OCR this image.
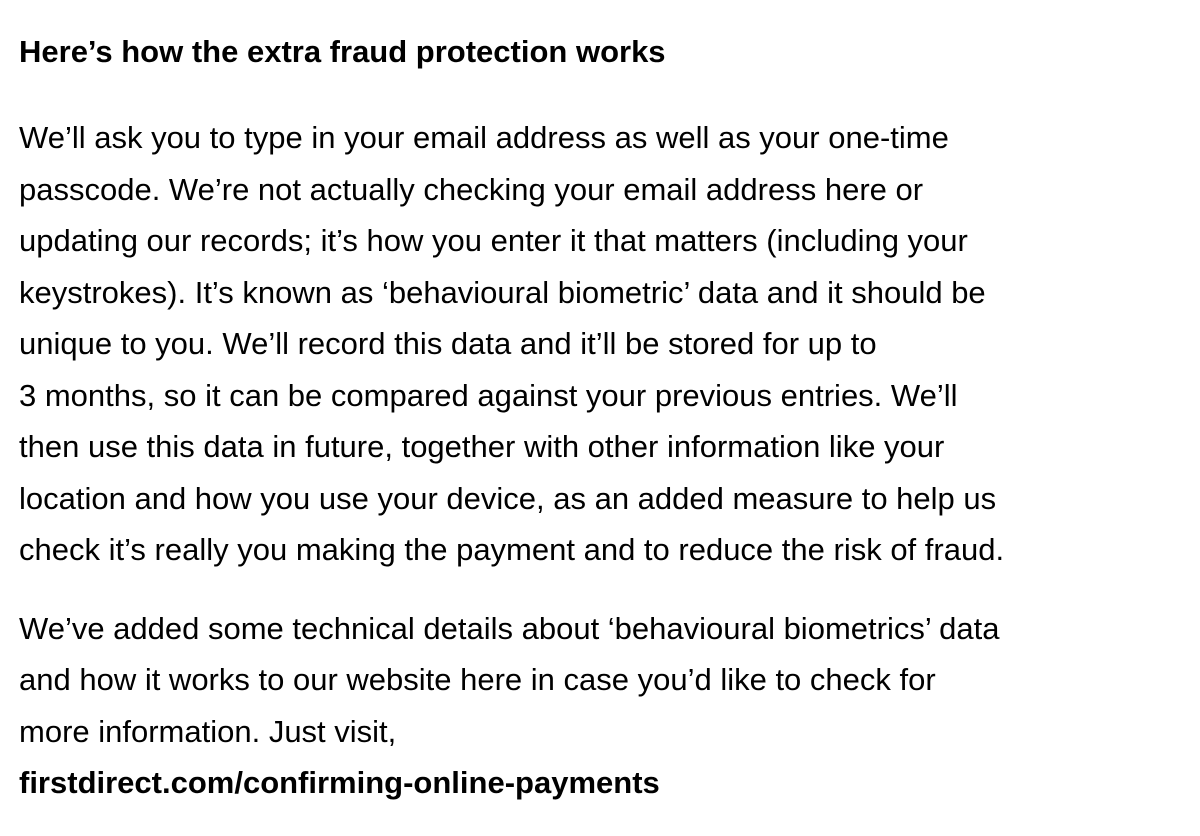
Here’s how the extra fraud protection works

We’ll ask you to type in your email address as well as your one-time
passcode. We’re not actually checking your email address here or
updating our records; it’s how you enter it that matters (including your
keystrokes). It’s known as ‘behavioural biometric’ data and it should be
unique to you. We’ll record this data and it’ll be stored for up to
3 months, so it can be compared against your previous entries. We’ll
then use this data in future, together with other information like your
location and how you use your device, as an added measure to help us
check it’s really you making the payment and to reduce the risk of fraud.

We’ve added some technical details about ‘behavioural biometrics’ data
and how it works to our website here in case you’d like to check for
more information. Just visit,
firstdirect.com/confirming-online-payments
